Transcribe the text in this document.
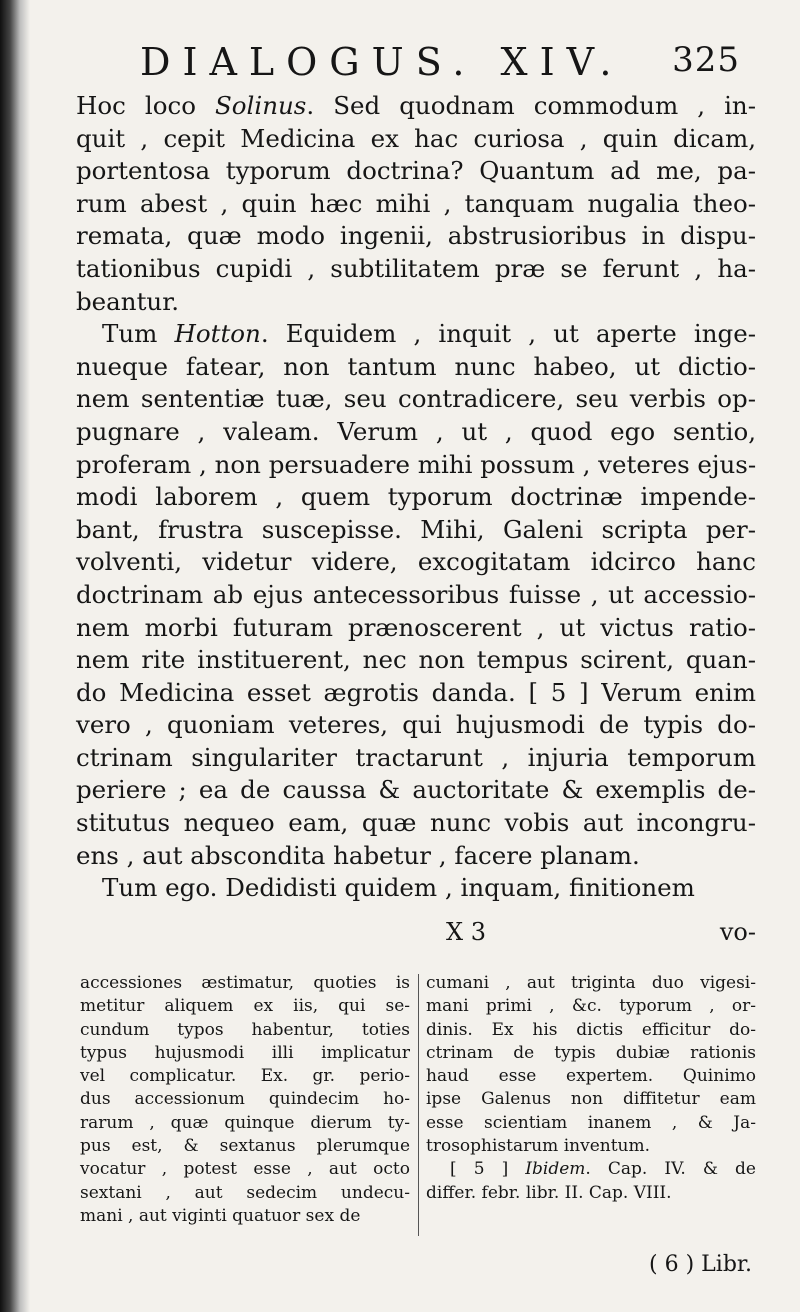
DIALOGUS. XIV. 325

Hoc loco Solinus. Sed quodnam commodum , in-
quit , cepit Medicina ex hac curiosa , quin dicam,
portentosa typorum doctrina? Quantum ad me, pa-
rum abest , quin hæc mihi , tanquam nugalia theo-
remata, quæ modo ingenii, abstrusioribus in dispu-
tationibus cupidi , subtilitatem præ se ferunt , ha-
beantur.

Tum Hotton. Equidem , inquit , ut aperte inge-
nueque fatear, non tantum nunc habeo, ut dictio-
nem sententiæ tuæ, seu contradicere, seu verbis op-
pugnare , valeam. Verum , ut , quod ego sentio,
proferam , non persuadere mihi possum , veteres ejus-
modi laborem , quem typorum doctrinæ impende-
bant, frustra suscepisse. Mihi, Galeni scripta per-
volventi, videtur videre, excogitatam idcirco hanc
doctrinam ab ejus antecessoribus fuisse , ut accessio-
nem morbi futuram prænoscerent , ut victus ratio-
nem rite instituerent, nec non tempus scirent, quan-
do Medicina esset ægrotis danda. [ 5 ] Verum enim
vero , quoniam veteres, qui hujusmodi de typis do-
ctrinam singulariter tractarunt , injuria temporum
periere ; ea de caussa & auctoritate & exemplis de-
stitutus nequeo eam, quæ nunc vobis aut incongru-
ens , aut abscondita habetur , facere planam.

Tum ego. Dedidisti quidem , inquam, finitionem

X 3	vo-
accessiones æstimatur, quoties is
metitur aliquem ex iis, qui se-
cundum typos habentur, toties
typus hujusmodi illi implicatur
vel complicatur. Ex. gr. perio-
dus accessionum quindecim ho-
rarum , quæ quinque dierum ty-
pus est, & sextanus plerumque
vocatur , potest esse , aut octo
sextani , aut sedecim undecu-
mani , aut viginti quatuor sex de
cumani , aut triginta duo vigesi-
mani primi , &c. typorum , or-
dinis. Ex his dictis efficitur do-
ctrinam de typis dubiæ rationis
haud esse expertem. Quinimo
ipse Galenus non diffitetur eam
esse scientiam inanem , & Ja-
trosophistarum inventum.
[ 5 ] Ibidem. Cap. IV. & de
differ. febr. libr. II. Cap. VIII.
( 6 ) Libr.
